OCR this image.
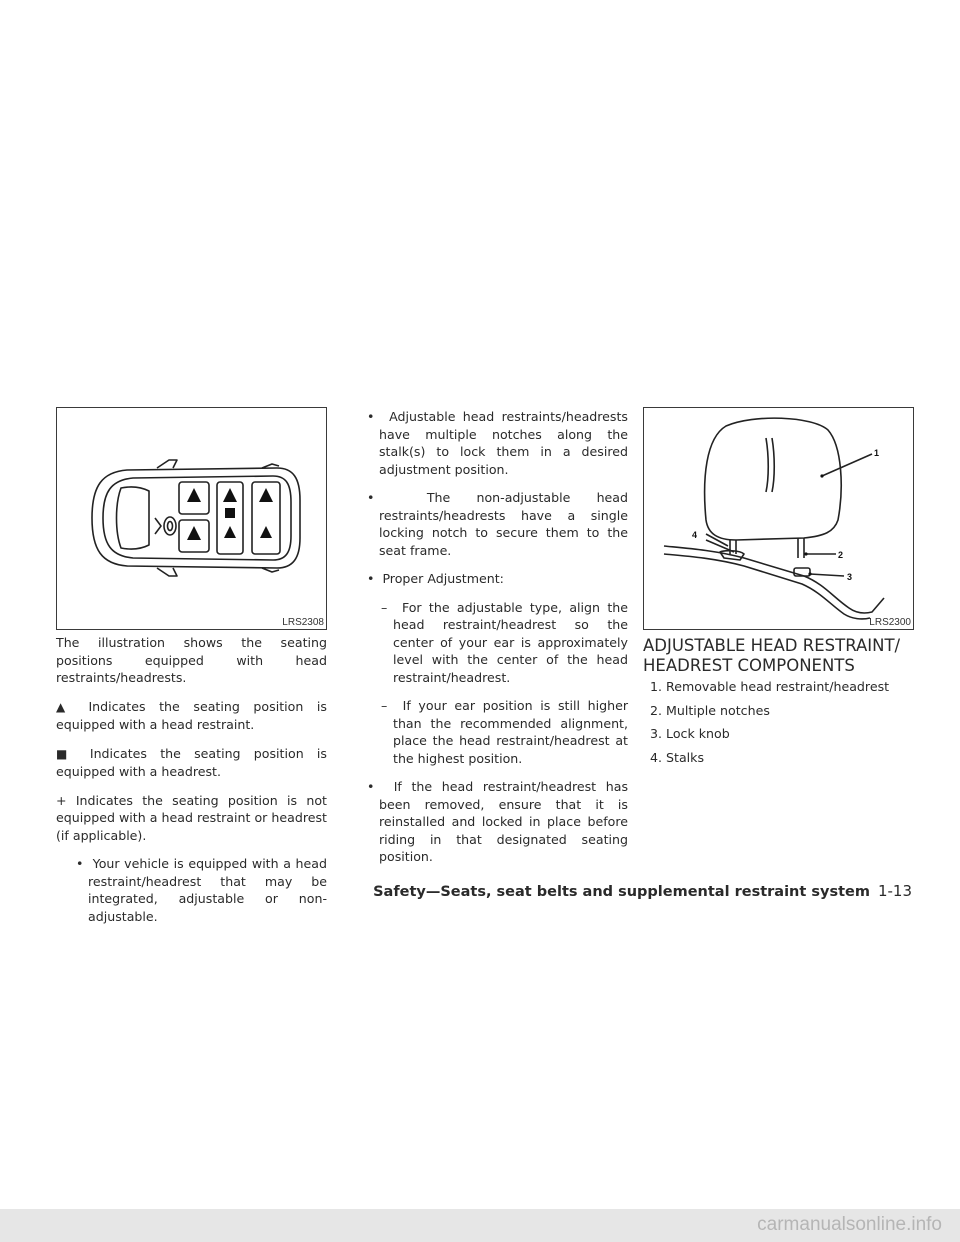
LRS2308

The illustration shows the seating positions equipped with head restraints/headrests.

▲ Indicates the seating position is equipped with a head restraint.

■ Indicates the seating position is equipped with a headrest.

+ Indicates the seating position is not equipped with a head restraint or headrest (if applicable).

•  Your vehicle is equipped with a head restraint/headrest that may be integrated, adjustable or non-adjustable.

•  Adjustable head restraints/headrests have multiple notches along the stalk(s) to lock them in a desired adjustment position.

•  The non-adjustable head restraints/headrests have a single locking notch to secure them to the seat frame.

•  Proper Adjustment:

–  For the adjustable type, align the head restraint/headrest so the center of your ear is approximately level with the center of the head restraint/headrest.

–  If your ear position is still higher than the recommended alignment, place the head restraint/headrest at the highest position.

•  If the head restraint/headrest has been removed, ensure that it is reinstalled and locked in place before riding in that designated seating position.

1
2
3
4
LRS2300
ADJUSTABLE HEAD RESTRAINT/ HEADREST COMPONENTS
1. Removable head restraint/headrest
2. Multiple notches
3. Lock knob
4. Stalks
Safety—Seats, seat belts and supplemental restraint system 1-13
carmanualsonline.info
